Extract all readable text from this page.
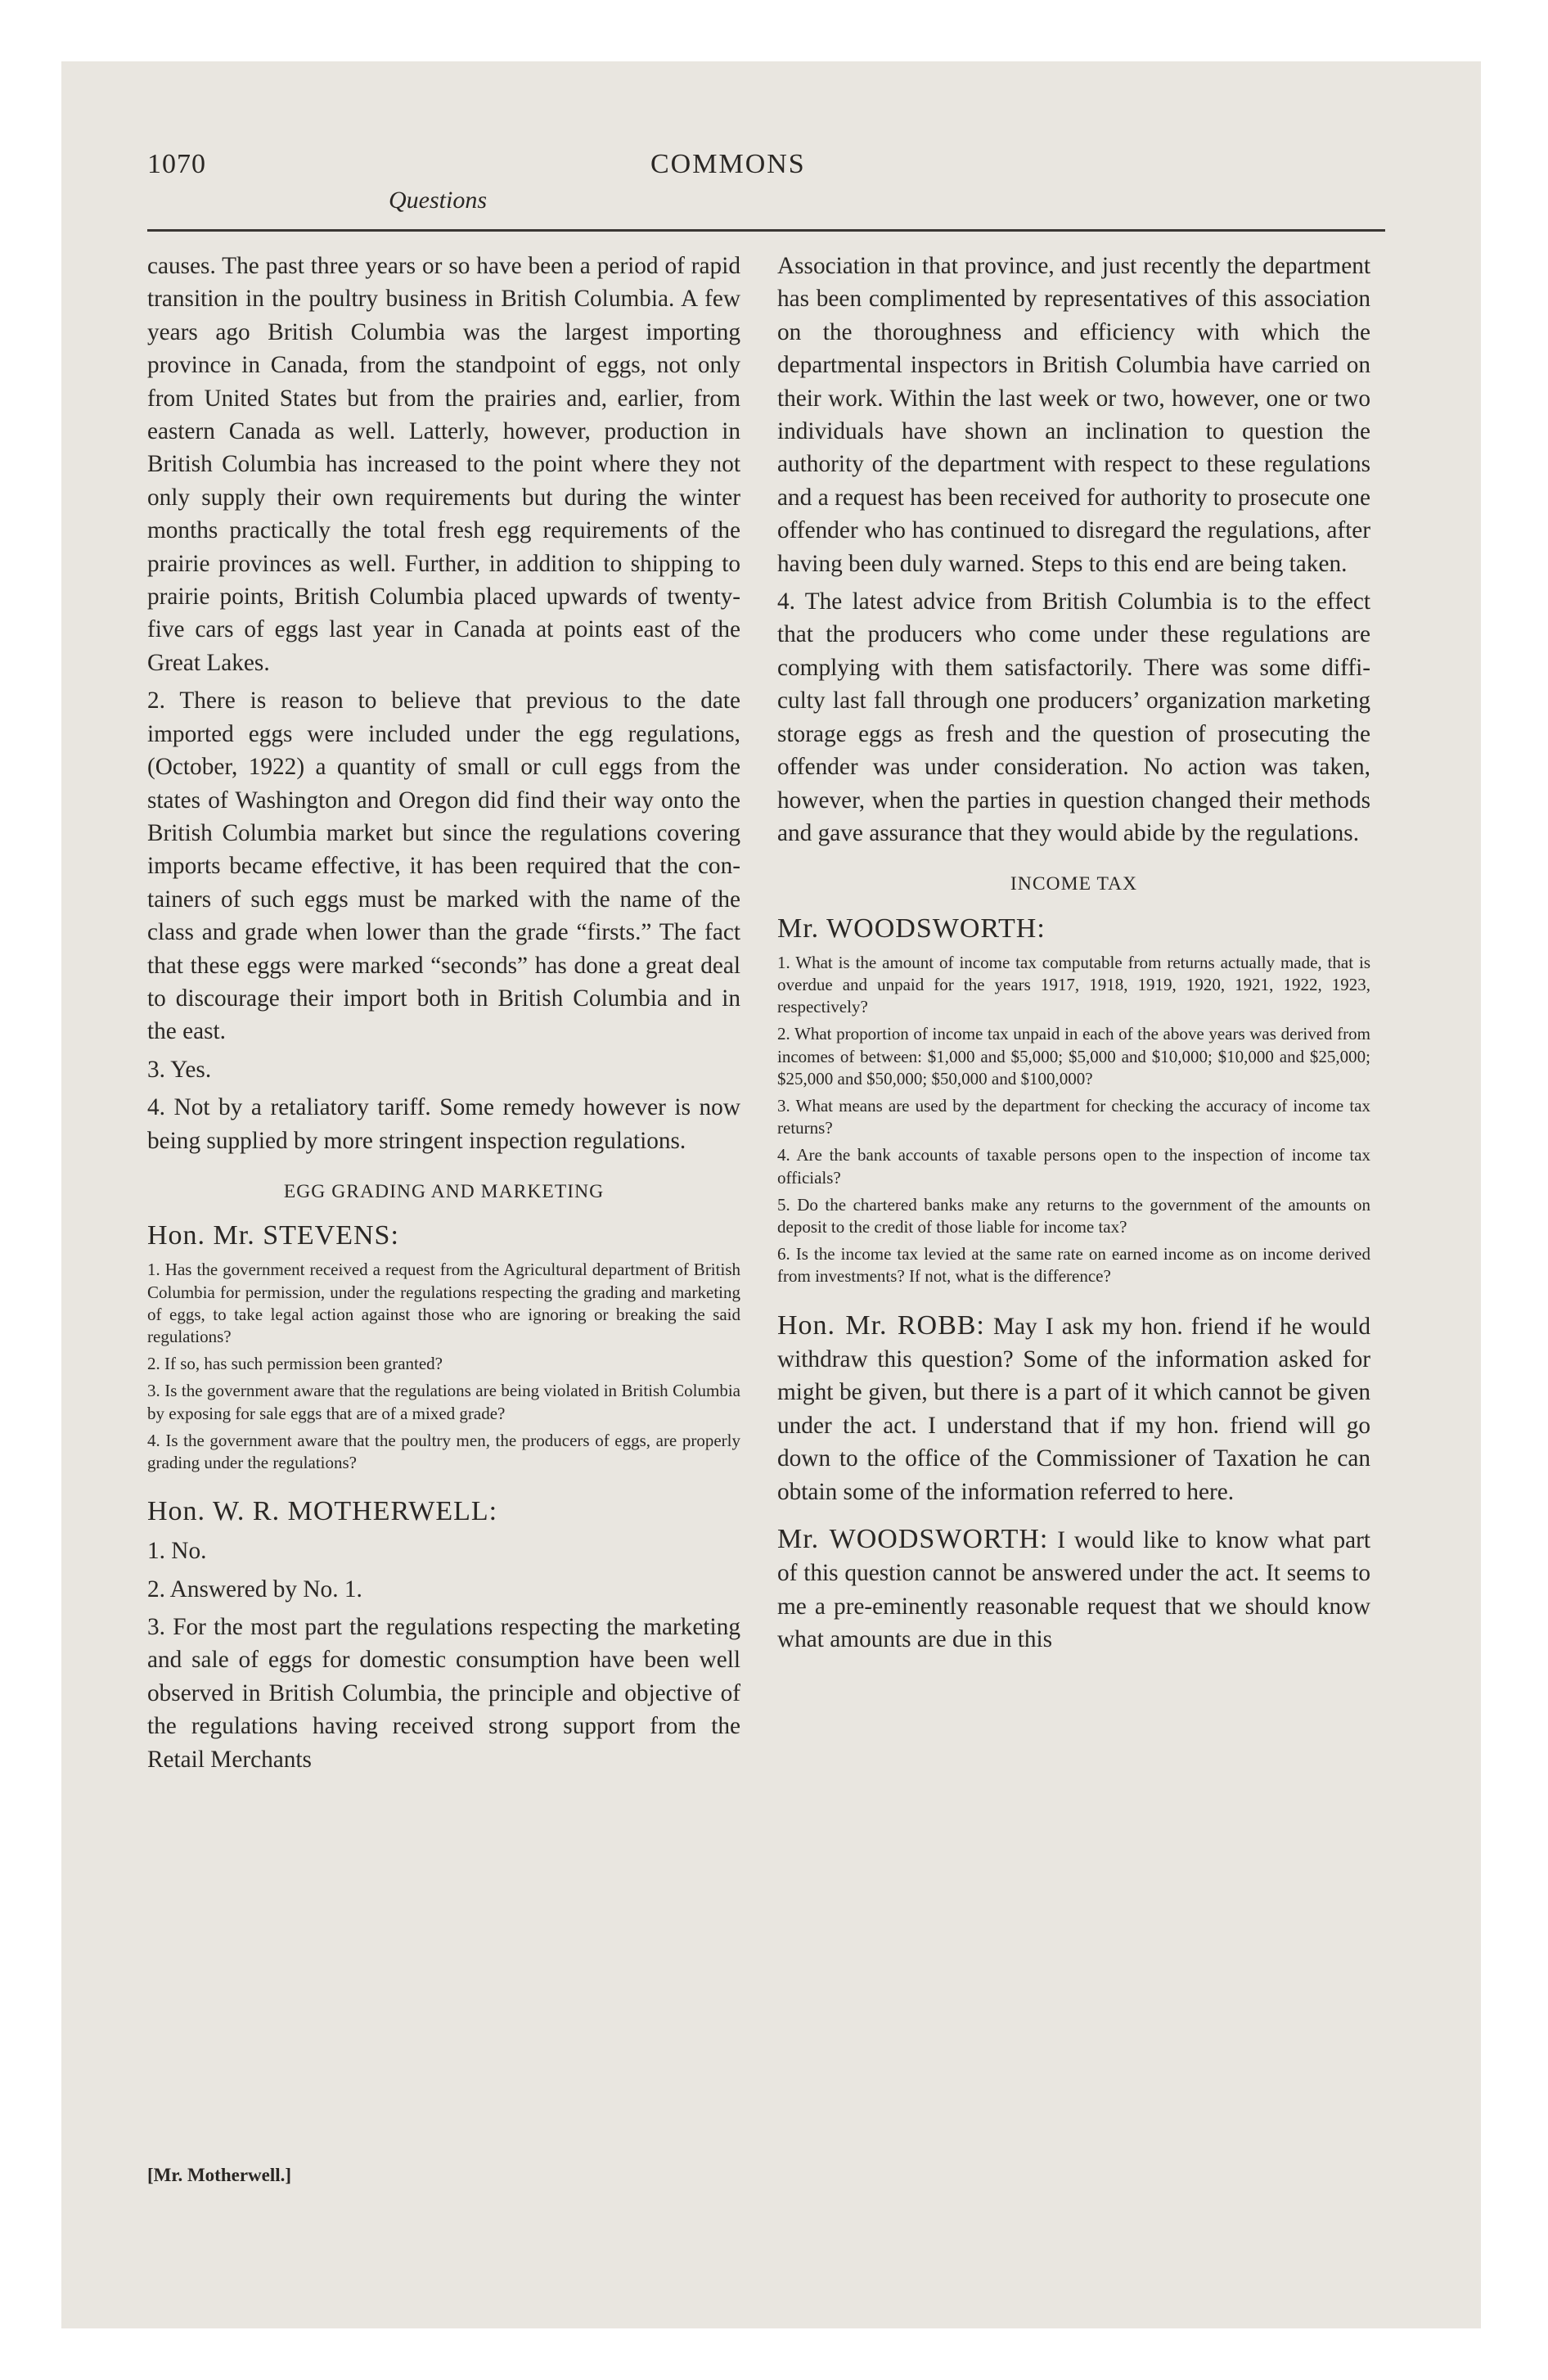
1070	COMMONS
Questions

causes. The past three years or so have been a period of rapid transition in the poultry business in British Columbia. A few years ago British Columbia was the largest importing province in Canada, from the standpoint of eggs, not only from United States but from the prairies and, earlier, from eastern Canada as well. Latterly, however, production in British Columbia has increased to the point where they not only supply their own requirements but during the winter months practically the total fresh egg requirements of the prairie provinces as well. Further, in addition to shipping to prairie points, British Columbia placed upwards of twenty-five cars of eggs last year in Canada at points east of the Great Lakes.

2. There is reason to believe that previous to the date imported eggs were included under the egg regulations, (October, 1922) a quantity of small or cull eggs from the states of Washington and Oregon did find their way onto the British Columbia market but since the regulations covering imports became effective, it has been required that the containers of such eggs must be marked with the name of the class and grade when lower than the grade “firsts.” The fact that these eggs were marked “seconds” has done a great deal to discourage their import both in British Columbia and in the east.

3. Yes.

4. Not by a retaliatory tariff. Some remedy however is now being supplied by more stringent inspection regulations.

EGG GRADING AND MARKETING
Hon. Mr. STEVENS:

1. Has the government received a request from the Agricultural department of British Columbia for permission, under the regulations respecting the grading and marketing of eggs, to take legal action against those who are ignoring or breaking the said regulations?

2. If so, has such permission been granted?

3. Is the government aware that the regulations are being violated in British Columbia by exposing for sale eggs that are of a mixed grade?

4. Is the government aware that the poultry men, the producers of eggs, are properly grading under the regulations?

Hon. W. R. MOTHERWELL:

1. No.

2. Answered by No. 1.

3. For the most part the regulations respecting the marketing and sale of eggs for domestic consumption have been well observed in British Columbia, the principle and objective of the regulations having received strong support from the Retail Merchants

Association in that province, and just recently the department has been complimented by representatives of this association on the thoroughness and efficiency with which the departmental inspectors in British Columbia have carried on their work. Within the last week or two, however, one or two individuals have shown an inclination to question the authority of the department with respect to these regulations and a request has been received for authority to prosecute one offender who has continued to disregard the regulations, after having been duly warned. Steps to this end are being taken.

4. The latest advice from British Columbia is to the effect that the producers who come under these regulations are complying with them satisfactorily. There was some difficulty last fall through one producers’ organization marketing storage eggs as fresh and the question of prosecuting the offender was under consideration. No action was taken, however, when the parties in question changed their methods and gave assurance that they would abide by the regulations.

INCOME TAX
Mr. WOODSWORTH:

1. What is the amount of income tax computable from returns actually made, that is overdue and unpaid for the years 1917, 1918, 1919, 1920, 1921, 1922, 1923, respectively?

2. What proportion of income tax unpaid in each of the above years was derived from incomes of between: $1,000 and $5,000; $5,000 and $10,000; $10,000 and $25,000; $25,000 and $50,000; $50,000 and $100,000?

3. What means are used by the department for checking the accuracy of income tax returns?

4. Are the bank accounts of taxable persons open to the inspection of income tax officials?

5. Do the chartered banks make any returns to the government of the amounts on deposit to the credit of those liable for income tax?

6. Is the income tax levied at the same rate on earned income as on income derived from investments? If not, what is the difference?

Hon. Mr. ROBB: May I ask my hon. friend if he would withdraw this question? Some of the information asked for might be given, but there is a part of it which cannot be given under the act. I understand that if my hon. friend will go down to the office of the Commissioner of Taxation he can obtain some of the information referred to here.

Mr. WOODSWORTH: I would like to know what part of this question cannot be answered under the act. It seems to me a pre-eminently reasonable request that we should know what amounts are due in this

[Mr. Motherwell.]
